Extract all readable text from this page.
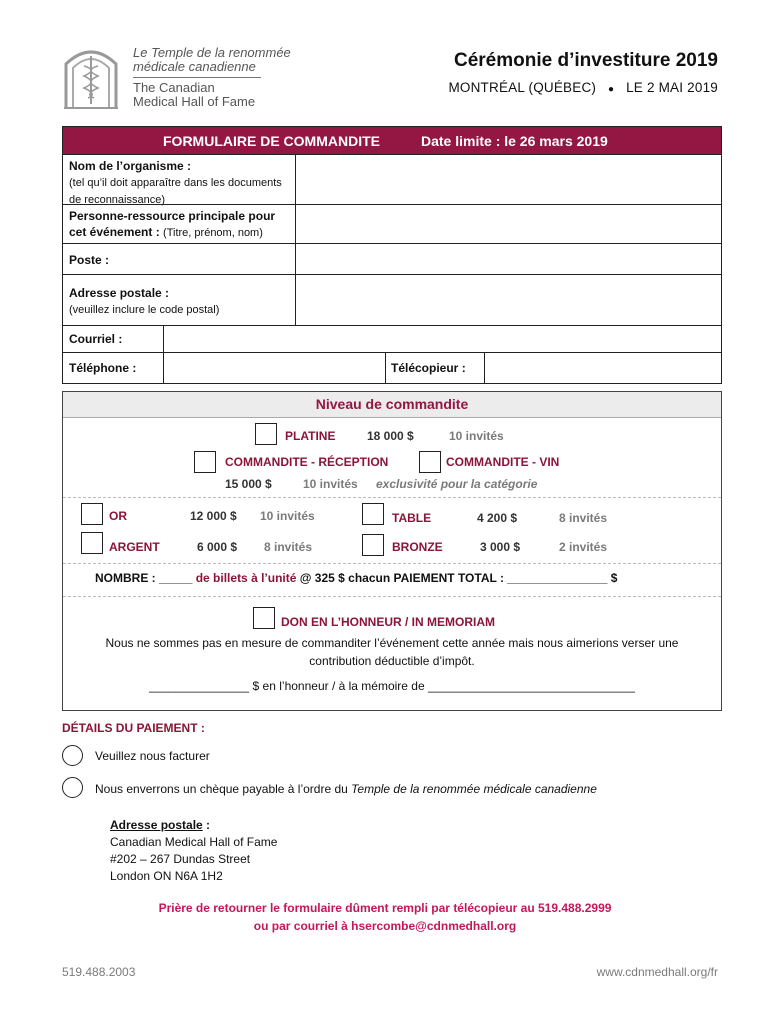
Le Temple de la renommée
médicale canadienne
The Canadian
Medical Hall of Fame
Cérémonie d’investiture 2019
MONTRÉAL (QUÉBEC) ● LE 2 MAI 2019
FORMULAIRE DE COMMANDITE	Date limite : le 26 mars 2019
Nom de l’organisme :
(tel qu’il doit apparaître dans les documents de reconnaissance)
Personne-ressource principale pour
cet événement : (Titre, prénom, nom)
Poste :
Adresse postale :
(veuillez inclure le code postal)
Courriel :
Téléphone :	Télécopieur :
Niveau de commandite
PLATINE	18 000 $	10 invités
COMMANDITE - RÉCEPTION	COMMANDITE - VIN
15 000 $	10 invités exclusivité pour la catégorie
OR	12 000 $ 10 invités	TABLE	4 200 $	8 invités
ARGENT	6 000 $ 8 invités	BRONZE	3 000 $	2 invités
NOMBRE : _____ de billets à l’unité @ 325 $ chacun PAIEMENT TOTAL : _______________ $
DON EN L’HONNEUR / IN MEMORIAM
Nous ne sommes pas en mesure de commanditer l’événement cette année mais nous aimerions verser une
contribution déductible d’impôt.
_______________ $ en l’honneur / à la mémoire de _______________________________
DÉTAILS DU PAIEMENT :
Veuillez nous facturer
Nous enverrons un chèque payable à l’ordre du Temple de la renommée médicale canadienne
Adresse postale :
Canadian Medical Hall of Fame
#202 – 267 Dundas Street
London ON N6A 1H2
Prière de retourner le formulaire dûment rempli par télécopieur au 519.488.2999
ou par courriel à hsercombe@cdnmedhall.org
519.488.2003	www.cdnmedhall.org/fr
